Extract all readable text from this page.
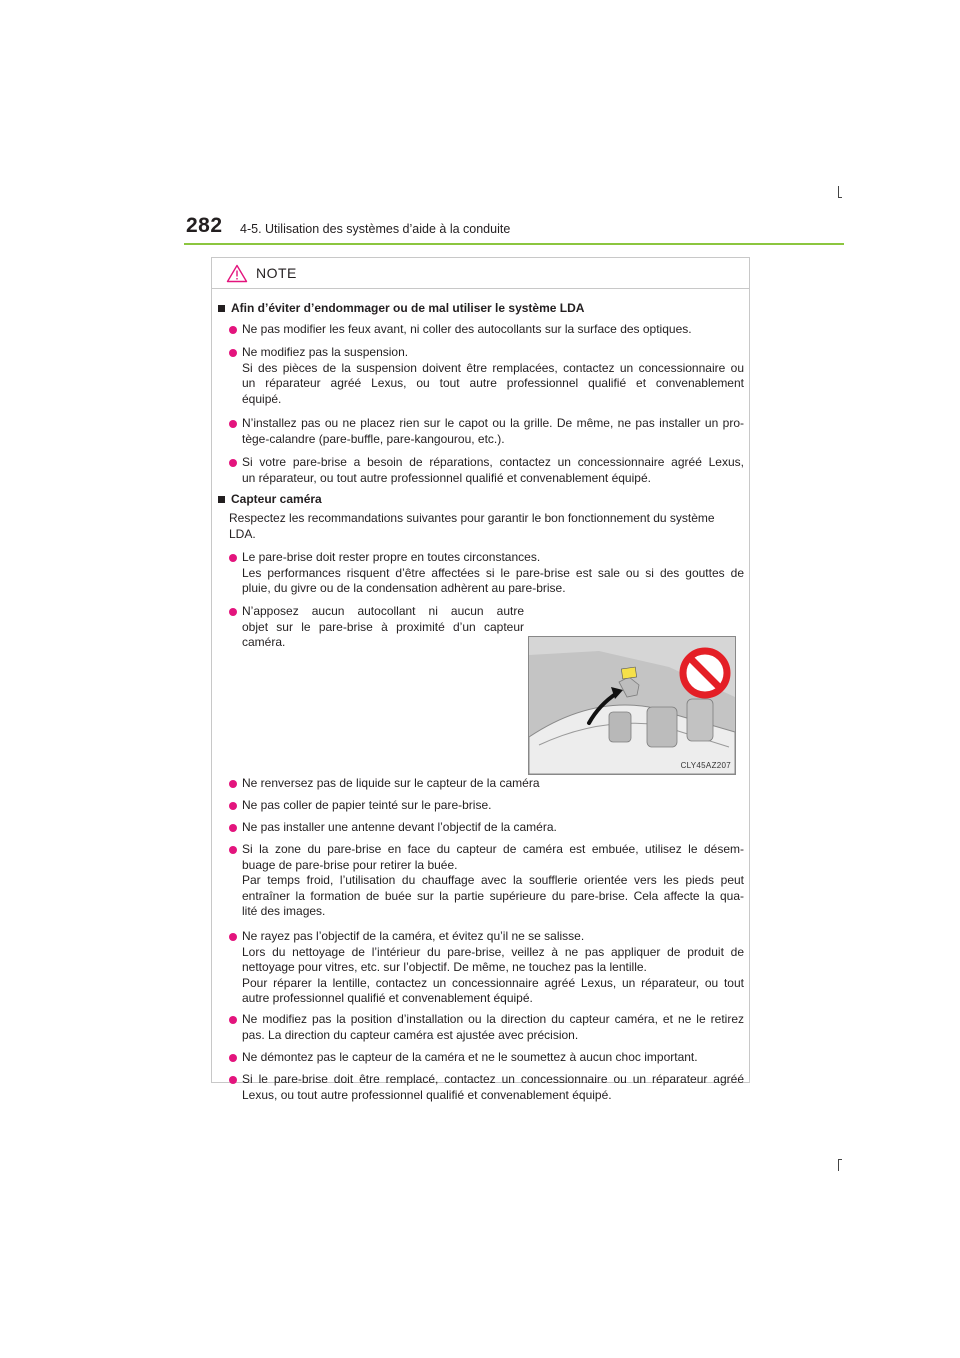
282 4-5. Utilisation des systèmes d’aide à la conduite
NOTE
Afin d’éviter d’endommager ou de mal utiliser le système LDA
Ne pas modifier les feux avant, ni coller des autocollants sur la surface des optiques.
Ne modifiez pas la suspension.
Si des pièces de la suspension doivent être remplacées, contactez un concessionnaire ou
un réparateur agréé Lexus, ou tout autre professionnel qualifié et convenablement
équipé.
N’installez pas ou ne placez rien sur le capot ou la grille. De même, ne pas installer un pro-
tège-calandre (pare-buffle, pare-kangourou, etc.).
Si votre pare-brise a besoin de réparations, contactez un concessionnaire agréé Lexus,
un réparateur, ou tout autre professionnel qualifié et convenablement équipé.
Capteur caméra
Respectez les recommandations suivantes pour garantir le bon fonctionnement du système
LDA.
Le pare-brise doit rester propre en toutes circonstances.
Les performances risquent d’être affectées si le pare-brise est sale ou si des gouttes de
pluie, du givre ou de la condensation adhèrent au pare-brise.
N’apposez aucun autocollant ni aucun autre
objet sur le pare-brise à proximité d’un capteur
caméra.
CLY45AZ207
Ne renversez pas de liquide sur le capteur de la caméra
Ne pas coller de papier teinté sur le pare-brise.
Ne pas installer une antenne devant l’objectif de la caméra.
Si la zone du pare-brise en face du capteur de caméra est embuée, utilisez le désem-
buage de pare-brise pour retirer la buée.
Par temps froid, l’utilisation du chauffage avec la soufflerie orientée vers les pieds peut
entraîner la formation de buée sur la partie supérieure du pare-brise. Cela affecte la qua-
lité des images.
Ne rayez pas l’objectif de la caméra, et évitez qu’il ne se salisse.
Lors du nettoyage de l’intérieur du pare-brise, veillez à ne pas appliquer de produit de
nettoyage pour vitres, etc. sur l’objectif. De même, ne touchez pas la lentille.
Pour réparer la lentille, contactez un concessionnaire agréé Lexus, un réparateur, ou tout
autre professionnel qualifié et convenablement équipé.
Ne modifiez pas la position d’installation ou la direction du capteur caméra, et ne le retirez
pas. La direction du capteur caméra est ajustée avec précision.
Ne démontez pas le capteur de la caméra et ne le soumettez à aucun choc important.
Si le pare-brise doit être remplacé, contactez un concessionnaire ou un réparateur agréé
Lexus, ou tout autre professionnel qualifié et convenablement équipé.
